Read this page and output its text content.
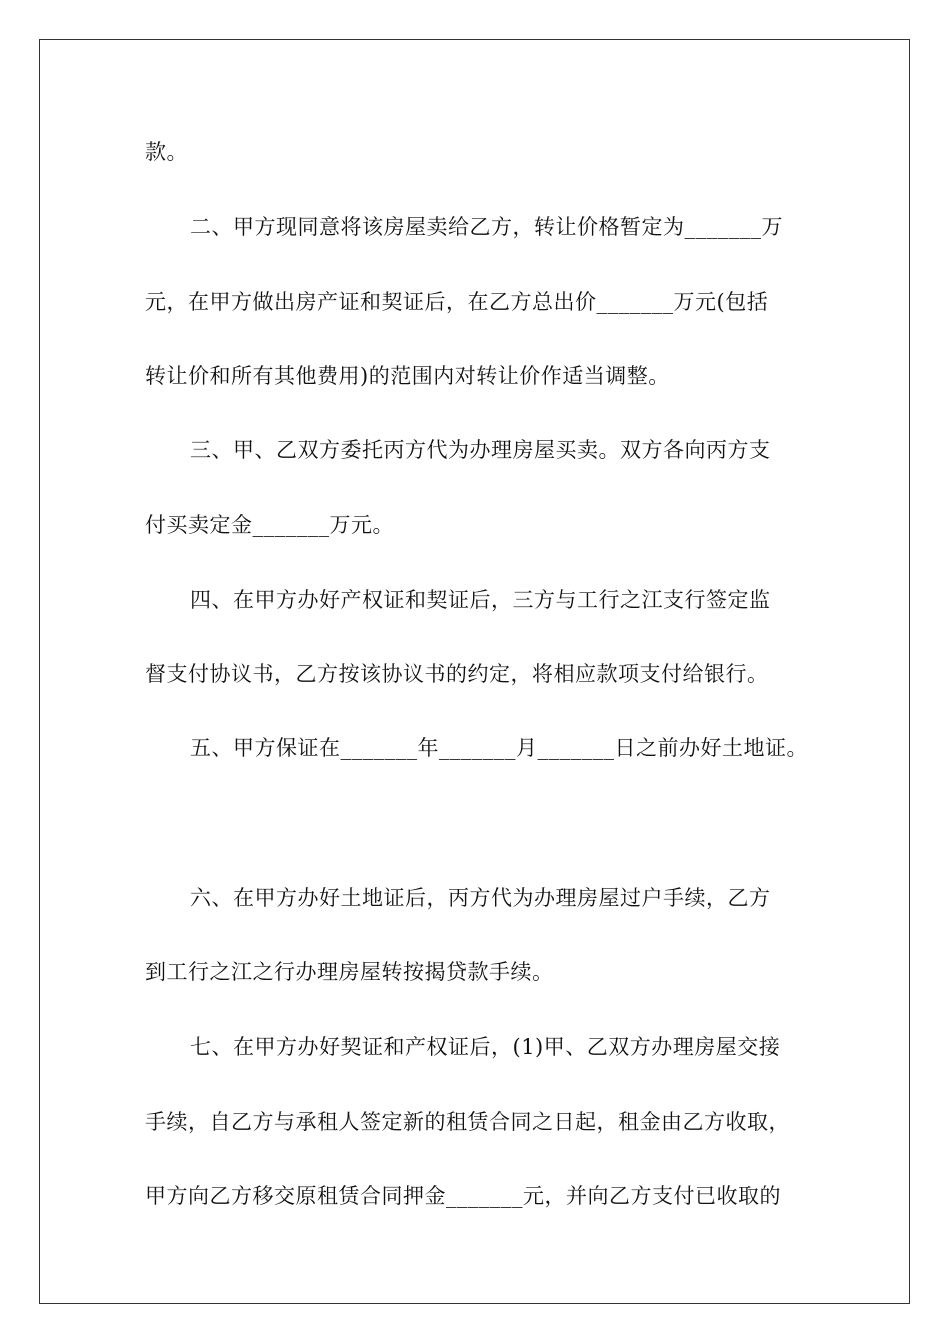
款。
二、甲方现同意将该房屋卖给乙方，转让价格暂定为_______万
元，在甲方做出房产证和契证后，在乙方总出价_______万元(包括
转让价和所有其他费用)的范围内对转让价作适当调整。
三、甲、乙双方委托丙方代为办理房屋买卖。双方各向丙方支
付买卖定金_______万元。
四、在甲方办好产权证和契证后，三方与工行之江支行签定监
督支付协议书，乙方按该协议书的约定，将相应款项支付给银行。
五、甲方保证在_______年_______月_______日之前办好土地证。
六、在甲方办好土地证后，丙方代为办理房屋过户手续，乙方
到工行之江之行办理房屋转按揭贷款手续。
七、在甲方办好契证和产权证后，(1)甲、乙双方办理房屋交接
手续，自乙方与承租人签定新的租赁合同之日起，租金由乙方收取，
甲方向乙方移交原租赁合同押金_______元，并向乙方支付已收取的
